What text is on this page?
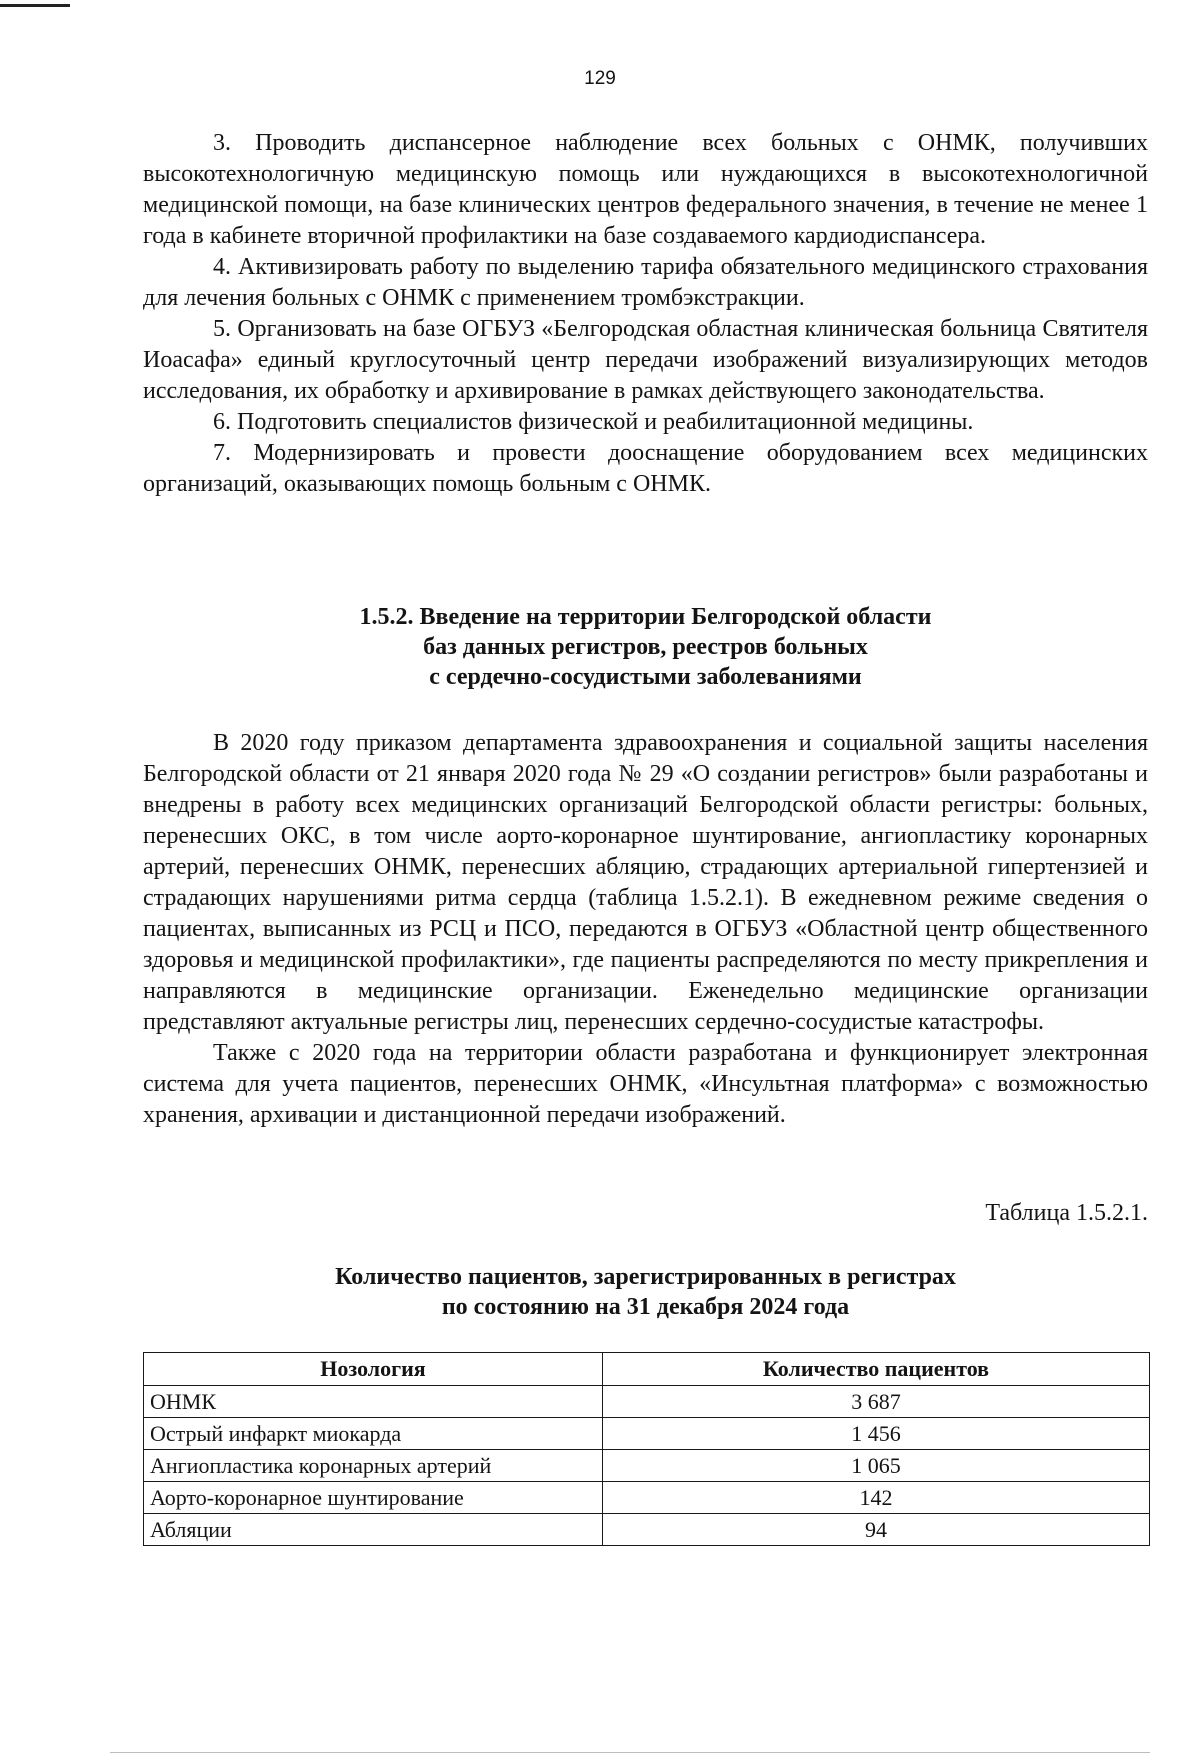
129

3. Проводить диспансерное наблюдение всех больных с ОНМК, получивших высокотехнологичную медицинскую помощь или нуждающихся в высокотехнологичной медицинской помощи, на базе клинических центров федерального значения, в течение не менее 1 года в кабинете вторичной профилактики на базе создаваемого кардиодиспансера.

4. Активизировать работу по выделению тарифа обязательного медицинского страхования для лечения больных с ОНМК с применением тромбэкстракции.

5. Организовать на базе ОГБУЗ «Белгородская областная клиническая больница Святителя Иоасафа» единый круглосуточный центр передачи изображений визуализирующих методов исследования, их обработку и архивирование в рамках действующего законодательства.

6. Подготовить специалистов физической и реабилитационной медицины.

7. Модернизировать и провести дооснащение оборудованием всех медицинских организаций, оказывающих помощь больным с ОНМК.

1.5.2. Введение на территории Белгородской области
баз данных регистров, реестров больных
с сердечно-сосудистыми заболеваниями

В 2020 году приказом департамента здравоохранения и социальной защиты населения Белгородской области от 21 января 2020 года № 29 «О создании регистров» были разработаны и внедрены в работу всех медицинских организаций Белгородской области регистры: больных, перенесших ОКС, в том числе аорто-коронарное шунтирование, ангиопластику коронарных артерий, перенесших ОНМК, перенесших абляцию, страдающих артериальной гипертензией и страдающих нарушениями ритма сердца (таблица 1.5.2.1). В ежедневном режиме сведения о пациентах, выписанных из РСЦ и ПСО, передаются в ОГБУЗ «Областной центр общественного здоровья и медицинской профилактики», где пациенты распределяются по месту прикрепления и направляются в медицинские организации. Еженедельно медицинские организации представляют актуальные регистры лиц, перенесших сердечно-сосудистые катастрофы.

Также с 2020 года на территории области разработана и функционирует электронная система для учета пациентов, перенесших ОНМК, «Инсультная платформа» с возможностью хранения, архивации и дистанционной передачи изображений.

Таблица 1.5.2.1.
Количество пациентов, зарегистрированных в регистрах
по состоянию на 31 декабря 2024 года
Нозология	Количество пациентов
ОНМК	3 687
Острый инфаркт миокарда	1 456
Ангиопластика коронарных артерий	1 065
Аорто-коронарное шунтирование	142
Абляции	94
